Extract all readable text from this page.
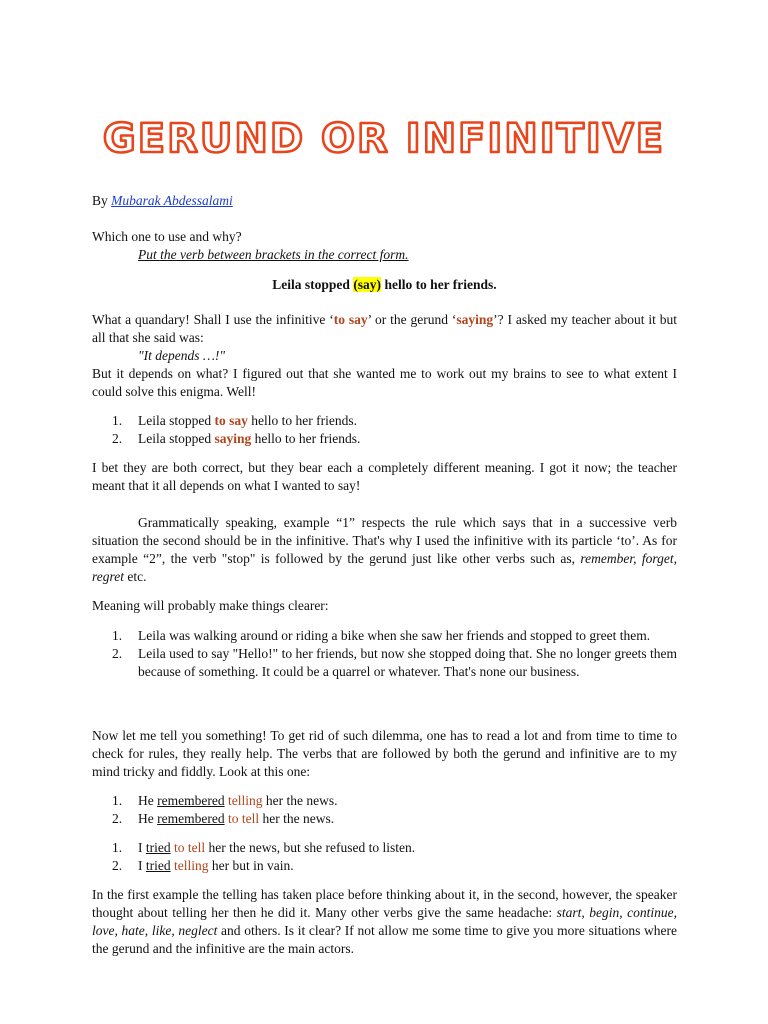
GERUND OR INFINITIVE
By Mubarak Abdessalami
Which one to use and why?
Put the verb between brackets in the correct form.
Leila stopped (say) hello to her friends.
What a quandary! Shall I use the infinitive ‘to say’ or the gerund ‘saying’? I asked my teacher about it but all that she said was:
"It depends …!"
But it depends on what? I figured out that she wanted me to work out my brains to see to what extent I could solve this enigma. Well!
1. Leila stopped to say hello to her friends.
2. Leila stopped saying hello to her friends.
I bet they are both correct, but they bear each a completely different meaning. I got it now; the teacher meant that it all depends on what I wanted to say!
Grammatically speaking, example “1” respects the rule which says that in a successive verb situation the second should be in the infinitive. That's why I used the infinitive with its particle ‘to’. As for example “2”, the verb "stop" is followed by the gerund just like other verbs such as, remember, forget, regret etc.
Meaning will probably make things clearer:
1. Leila was walking around or riding a bike when she saw her friends and stopped to greet them.
2. Leila used to say "Hello!" to her friends, but now she stopped doing that. She no longer greets them because of something. It could be a quarrel or whatever. That's none our business.
Now let me tell you something! To get rid of such dilemma, one has to read a lot and from time to time to check for rules, they really help. The verbs that are followed by both the gerund and infinitive are to my mind tricky and fiddly. Look at this one:
1. He remembered telling her the news.
2. He remembered to tell her the news.
1. I tried to tell her the news, but she refused to listen.
2. I tried telling her but in vain.
In the first example the telling has taken place before thinking about it, in the second, however, the speaker thought about telling her then he did it. Many other verbs give the same headache: start, begin, continue, love, hate, like, neglect and others. Is it clear? If not allow me some time to give you more situations where the gerund and the infinitive are the main actors.
